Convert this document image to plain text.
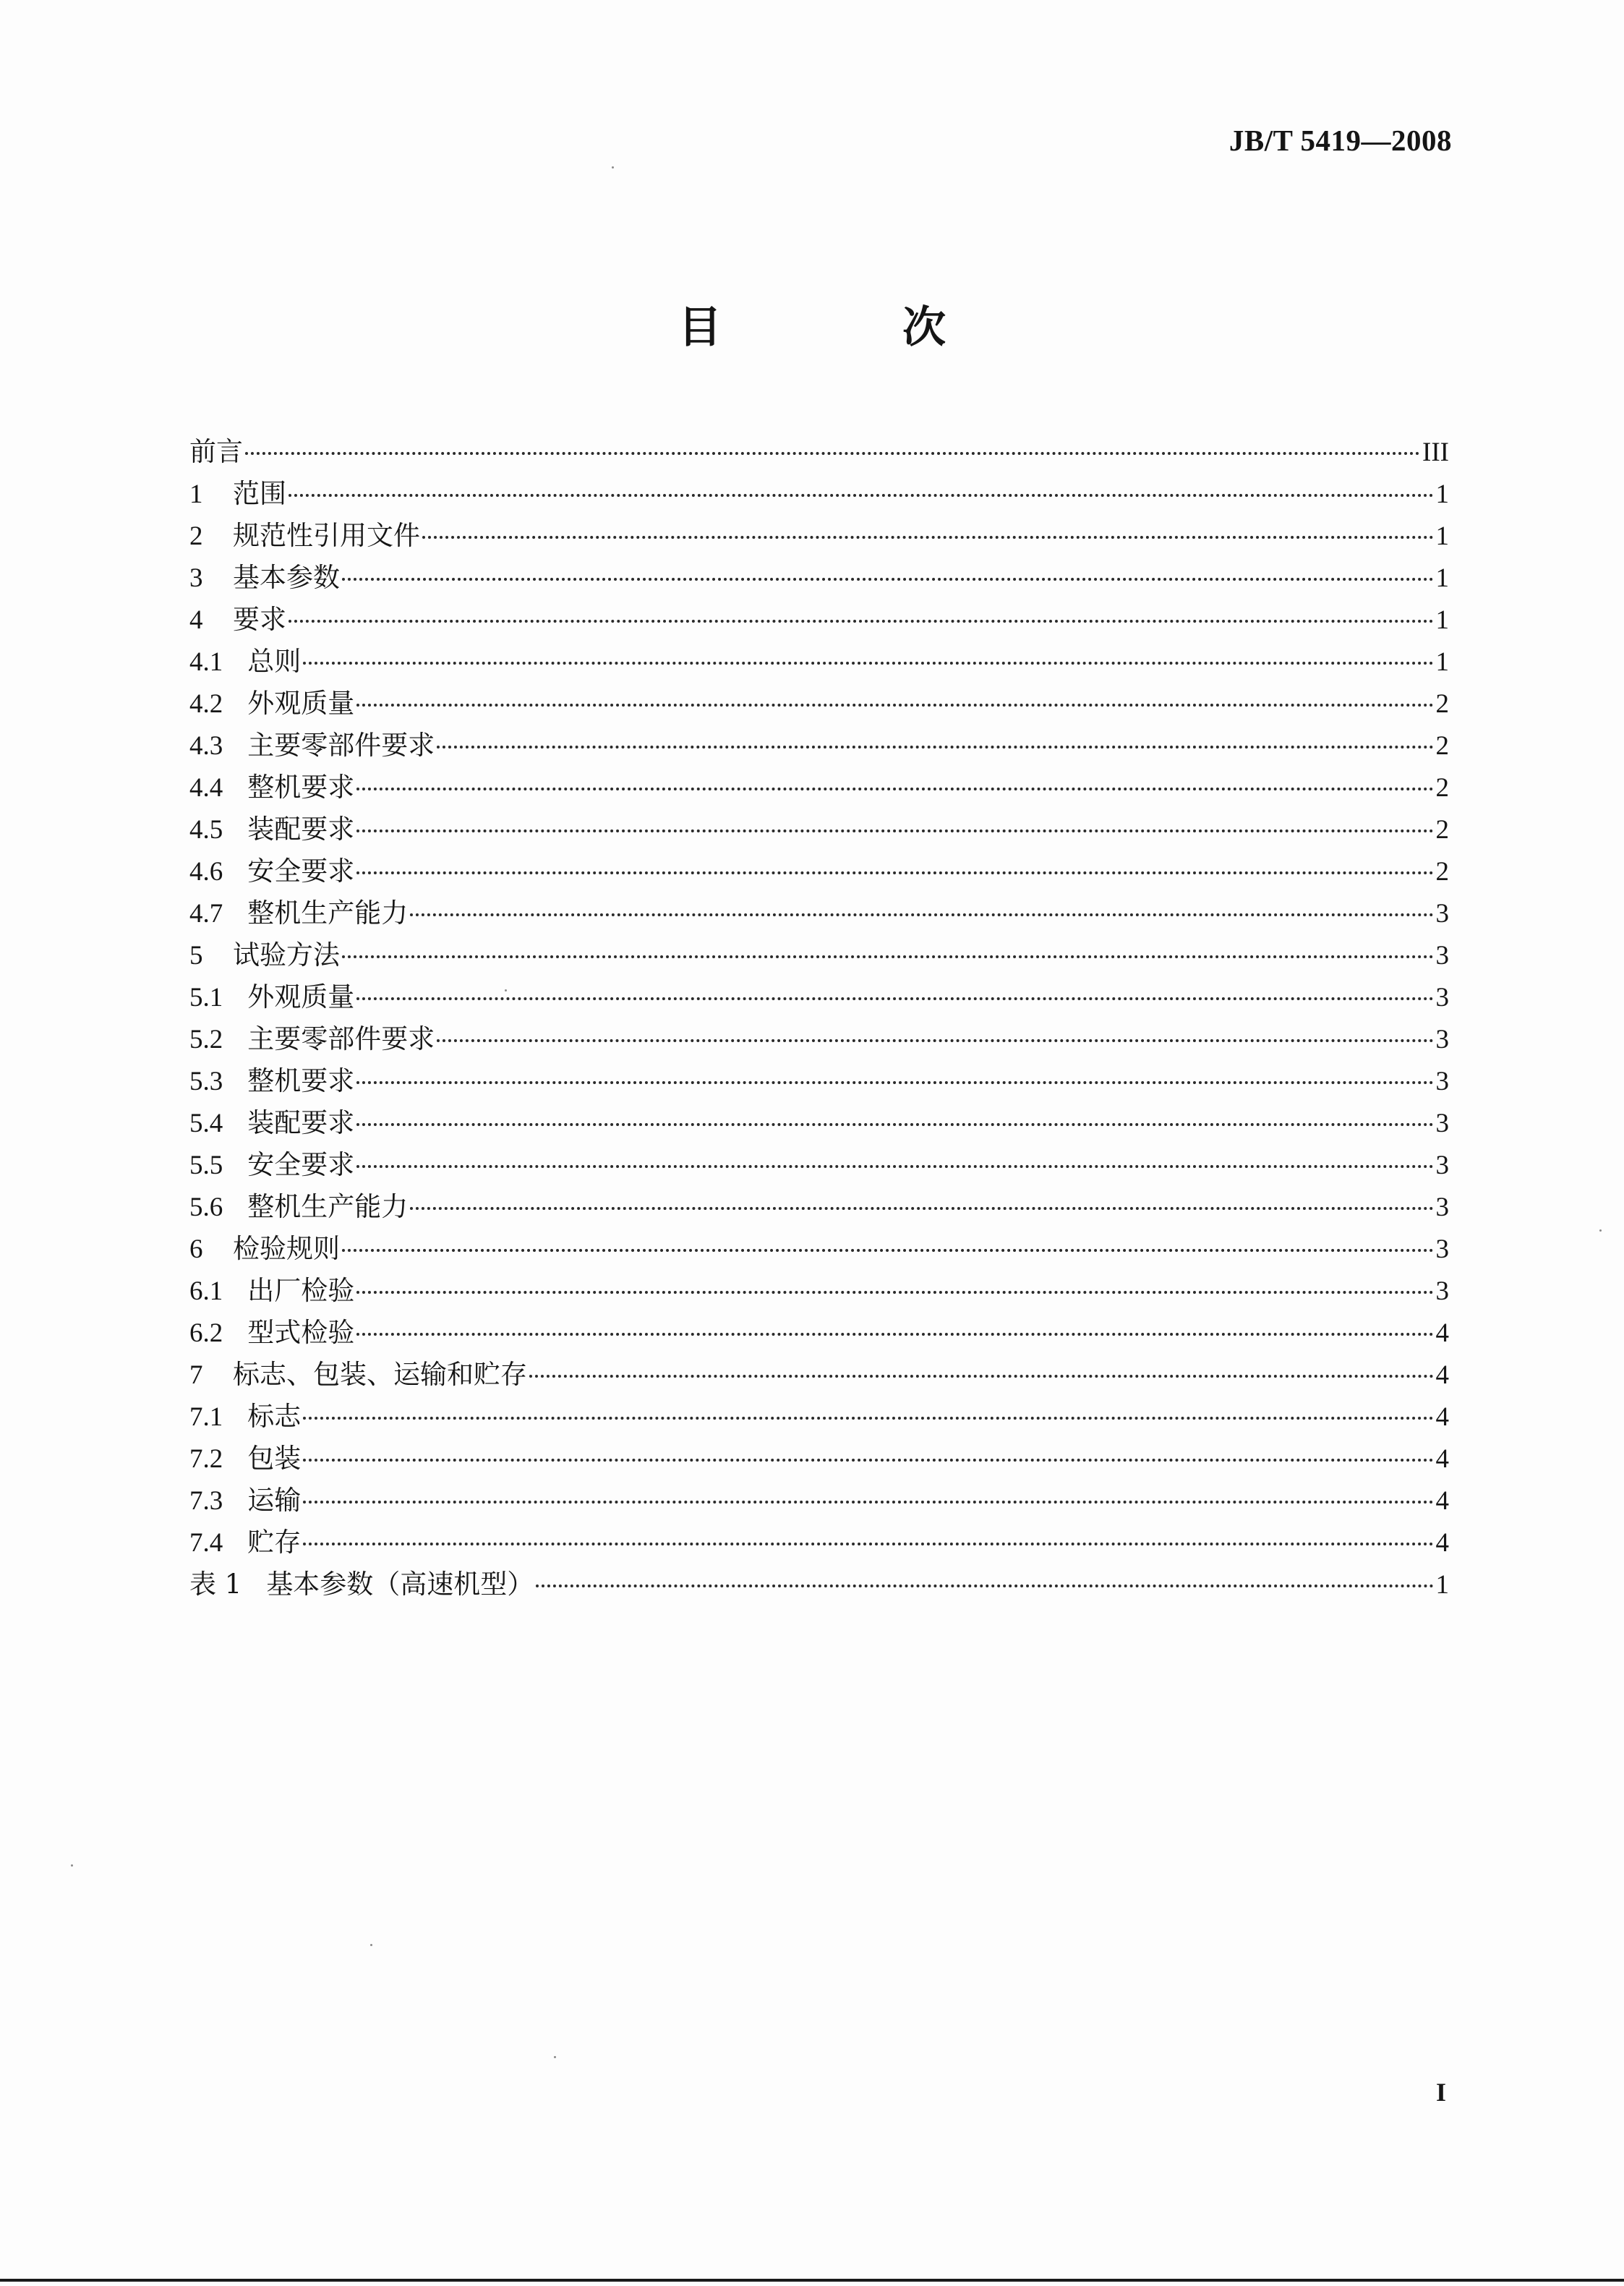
JB/T 5419—2008
目　次
前言	III
1 范围	1
2 规范性引用文件	1
3 基本参数	1
4 要求	1
4.1 总则	1
4.2 外观质量	2
4.3 主要零部件要求	2
4.4 整机要求	2
4.5 装配要求	2
4.6 安全要求	2
4.7 整机生产能力	3
5 试验方法	3
5.1 外观质量	3
5.2 主要零部件要求	3
5.3 整机要求	3
5.4 装配要求	3
5.5 安全要求	3
5.6 整机生产能力	3
6 检验规则	3
6.1 出厂检验	3
6.2 型式检验	4
7 标志、包装、运输和贮存	4
7.1 标志	4
7.2 包装	4
7.3 运输	4
7.4 贮存	4
表 1 基本参数（高速机型）	1
I
